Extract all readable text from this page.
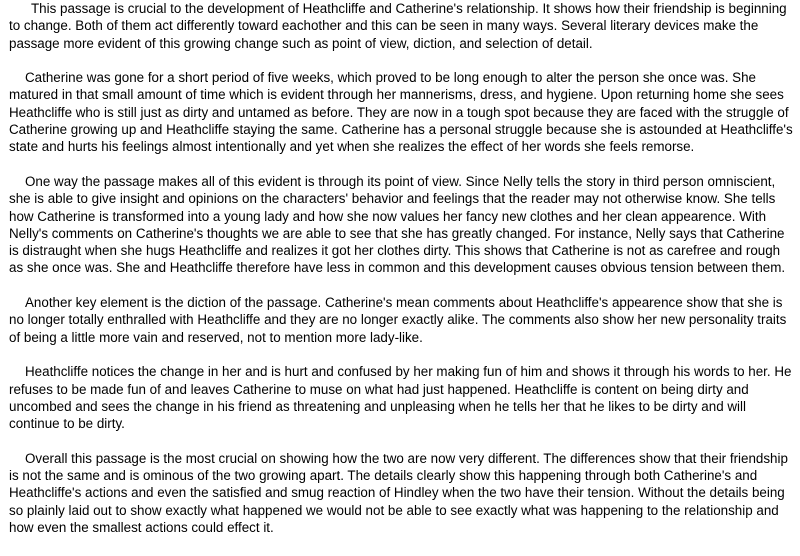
This passage is crucial to the development of Heathcliffe and Catherine's relationship. It shows how their friendship is beginning to change. Both of them act differently toward eachother and this can be seen in many ways. Several literary devices make the passage more evident of this growing change such as point of view, diction, and selection of detail.

Catherine was gone for a short period of five weeks, which proved to be long enough to alter the person she once was. She matured in that small amount of time which is evident through her mannerisms, dress, and hygiene. Upon returning home she sees Heathcliffe who is still just as dirty and untamed as before. They are now in a tough spot because they are faced with the struggle of Catherine growing up and Heathcliffe staying the same. Catherine has a personal struggle because she is astounded at Heathcliffe's state and hurts his feelings almost intentionally and yet when she realizes the effect of her words she feels remorse.

One way the passage makes all of this evident is through its point of view. Since Nelly tells the story in third person omniscient, she is able to give insight and opinions on the characters' behavior and feelings that the reader may not otherwise know. She tells how Catherine is transformed into a young lady and how she now values her fancy new clothes and her clean appearence. With Nelly's comments on Catherine's thoughts we are able to see that she has greatly changed. For instance, Nelly says that Catherine is distraught when she hugs Heathcliffe and realizes it got her clothes dirty. This shows that Catherine is not as carefree and rough as she once was. She and Heathcliffe therefore have less in common and this development causes obvious tension between them.

Another key element is the diction of the passage. Catherine's mean comments about Heathcliffe's appearence show that she is no longer totally enthralled with Heathcliffe and they are no longer exactly alike. The comments also show her new personality traits of being a little more vain and reserved, not to mention more lady-like.

Heathcliffe notices the change in her and is hurt and confused by her making fun of him and shows it through his words to her. He refuses to be made fun of and leaves Catherine to muse on what had just happened. Heathcliffe is content on being dirty and uncombed and sees the change in his friend as threatening and unpleasing when he tells her that he likes to be dirty and will continue to be dirty.

Overall this passage is the most crucial on showing how the two are now very different. The differences show that their friendship is not the same and is ominous of the two growing apart. The details clearly show this happening through both Catherine's and Heathcliffe's actions and even the satisfied and smug reaction of Hindley when the two have their tension. Without the details being so plainly laid out to show exactly what happened we would not be able to see exactly what was happening to the relationship and how even the smallest actions could effect it.
